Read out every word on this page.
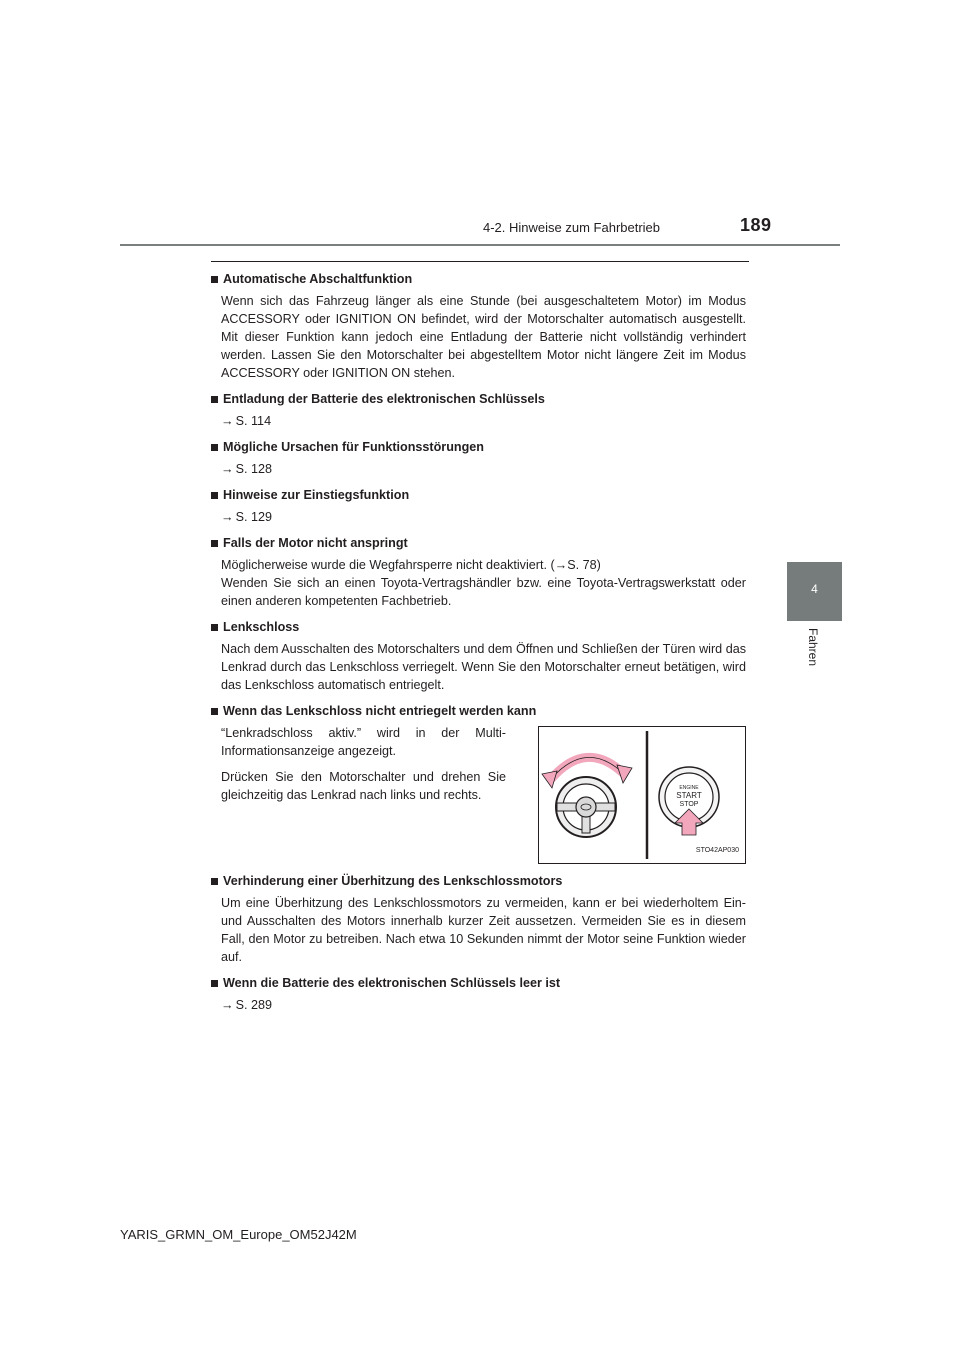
4-2. Hinweise zum Fahrbetrieb	189
4
Fahren
Automatische Abschaltfunktion

Wenn sich das Fahrzeug länger als eine Stunde (bei ausgeschaltetem Motor) im Modus ACCESSORY oder IGNITION ON befindet, wird der Motorschalter automatisch ausgestellt. Mit dieser Funktion kann jedoch eine Entladung der Batterie nicht vollständig verhindert werden. Lassen Sie den Motorschalter bei abgestelltem Motor nicht längere Zeit im Modus ACCESSORY oder IGNITION ON stehen.

Entladung der Batterie des elektronischen Schlüssels
→ S. 114
Mögliche Ursachen für Funktionsstörungen
→ S. 128
Hinweise zur Einstiegsfunktion
→ S. 129
Falls der Motor nicht anspringt

Möglicherweise wurde die Wegfahrsperre nicht deaktiviert. (→S. 78)

Wenden Sie sich an einen Toyota-Vertragshändler bzw. eine Toyota-Vertragswerkstatt oder einen anderen kompetenten Fachbetrieb.

Lenkschloss

Nach dem Ausschalten des Motorschalters und dem Öffnen und Schließen der Türen wird das Lenkrad durch das Lenkschloss verriegelt. Wenn Sie den Motorschalter erneut betätigen, wird das Lenkschloss automatisch entriegelt.

Wenn das Lenkschloss nicht entriegelt werden kann

“Lenkradschloss aktiv.” wird in der Multi-Informationsanzeige angezeigt.

Drücken Sie den Motorschalter und drehen Sie gleichzeitig das Lenkrad nach links und rechts.	ENGINE
START
STOP
STO42AP030
Verhinderung einer Überhitzung des Lenkschlossmotors

Um eine Überhitzung des Lenkschlossmotors zu vermeiden, kann er bei wiederholtem Ein- und Ausschalten des Motors innerhalb kurzer Zeit aussetzen. Vermeiden Sie es in diesem Fall, den Motor zu betreiben. Nach etwa 10 Sekunden nimmt der Motor seine Funktion wieder auf.

Wenn die Batterie des elektronischen Schlüssels leer ist
→ S. 289
YARIS_GRMN_OM_Europe_OM52J42M
